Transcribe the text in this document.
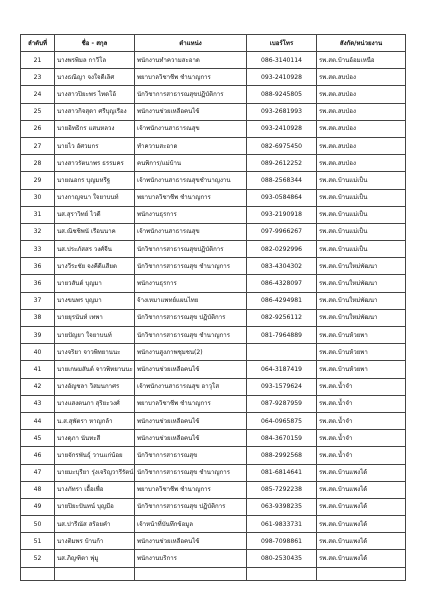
ลำดับที่	ชื่อ - สกุล	ตำแหน่ง	เบอร์โทร	สังกัด/หน่วยงาน
21	นางพรพิมล กาวีโล	พนักงานทำความสะอาด	086-3140114	รพ.สต.บ้านอ้อมเหนือ
23	นางธณิญา จงใจดีเลิศ	พยาบาลวิชาชีพ ชำนาญการ	093-2410928	รพ.สต.สบป่อง
24	นางสาวปิยะพร ไทดโอ้	นักวิชาการสาธารณสุขปฏิบัติการ	088-9245805	รพ.สต.สบป่อง
25	นางสาวกิจสุดา ศรีบุญเรือง	พนักงานช่วยเหลือคนไข้	093-2681993	รพ.สต.สบป่อง
26	นายอิทธิกร แสนหลวง	เจ้าพนักงานสาธารณสุข	093-2410928	รพ.สต.สบป่อง
27	นายไว อัศวมกร	ทำความสะอาด	082-6975450	รพ.สต.สบป่อง
28	นางสาวรัตนาพร ธรรมคร	คนพิการ/แม่บ้าน	089-2612252	รพ.สต.สบป่อง
29	นายณอกร บุญมหรีฐ	เจ้าพนักงานสาธารณสุขชำนาญงาน	088-2568344	รพ.สต.บ้านแม่เป็น
30	นางกาญจนา ใจยาบนท์	พยาบาลวิชาชีพ ชำนาญการ	093-0584864	รพ.สต.บ้านแม่เป็น
31	นส.สุราวิทย์ ไวดี	พนักงานธุรการ	093-2190918	รพ.สต.บ้านแม่เป็น
32	นส.ณิชชิพนั เรือนนาค	เจ้าพนักงานสาธารณสุข	097-9966267	รพ.สต.บ้านแม่เป็น
33	นส.ประภัสสร วงศ์จีน	นักวิชาการสาธารณสุขปฏิบัติการ	082-0292996	รพ.สต.บ้านแม่เป็น
36	นางวีระชัย จงคีดีแสียด	นักวิชาการสาธารณสุข ชำนาญการ	083-4304302	รพ.สต.บ้านใหม่พัฒนา
36	นายวสันต์ บุญมา	พนักงานธุรการ	086-4328097	รพ.สต.บ้านใหม่พัฒนา
37	นางขนพร บุญมา	จ้างเหมาแพทย์แผนไทย	086-4294981	รพ.สต.บ้านใหม่พัฒนา
38	นายยุรนันท์ เทพา	นักวิชาการสาธารณสุข ปฏิบัติการ	082-9256112	รพ.สต.บ้านใหม่พัฒนา
39	นายปัญยา ใจยาบนท์	นักวิชาการสาธารณสุข ชำนาญการ	081-7964889	รพ.สต.บ้านห้วยพา
40	นางจริยา จาวพิทยานนะ	พนักงานสูงภาพชุมชน(2)		รพ.สต.บ้านห้วยพา
41	นายเกษมสันต์ จาวพิทยานนะ	พนักงานช่วยเหลือคนไข้	064-3187419	รพ.สต.บ้านห้วยพา
42	นางอัญชลา วิสมนกาศร	เจ้าพนักงานสาธารณสุข อาวุโส	093-1579624	รพ.สต.น้ำจำ
43	นางแสงตนภา สุริยะวงศ์	พยาบาลวิชาชีพ ชำนาญการ	087-9287959	รพ.สต.น้ำจำ
44	น.ส.สุพัตรา หาญกล้า	พนักงานช่วยเหลือคนไข้	064-0965875	รพ.สต.น้ำจำ
45	นางดุภา นันทะสี	พนักงานช่วยเหลือคนไข้	084-3670159	รพ.สต.น้ำจำ
46	นายจักรพันธุ์ วานแก่น้อย	นักวิชาการสาธารณสุข	088-2992568	รพ.สต.น้ำจำ
47	นายมะบุรียา รุ่งเจริญวารีรัตน์	นักวิชาการสาธารณสุข ชำนาญการ	081-6814641	รพ.สต.บ้านแพงได้
48	นางภัทรา เอื้อเพื่อ	พยาบาลวิชาชีพ ชำนาญการ	085-7292238	รพ.สต.บ้านแพงได้
49	นายปิยะปันทน์ บุญมีอ	นักวิชาการสาธารณสุข ปฏิบัติการ	063-9398235	รพ.สต.บ้านแพงได้
50	นส.ปารีณัส สร้อยคำ	เจ้าหน้าที่บันทึกข้อมูล	061-9833731	รพ.สต.บ้านแพงได้
51	นางติมพร บ้านก้า	พนักงานช่วยเหลือคนไข้	098-7098861	รพ.สต.บ้านแพงได้
52	นส.ภิญฑิตา พุ่มู	พนักงานบริการ	080-2530435	รพ.สต.บ้านแพงได้
